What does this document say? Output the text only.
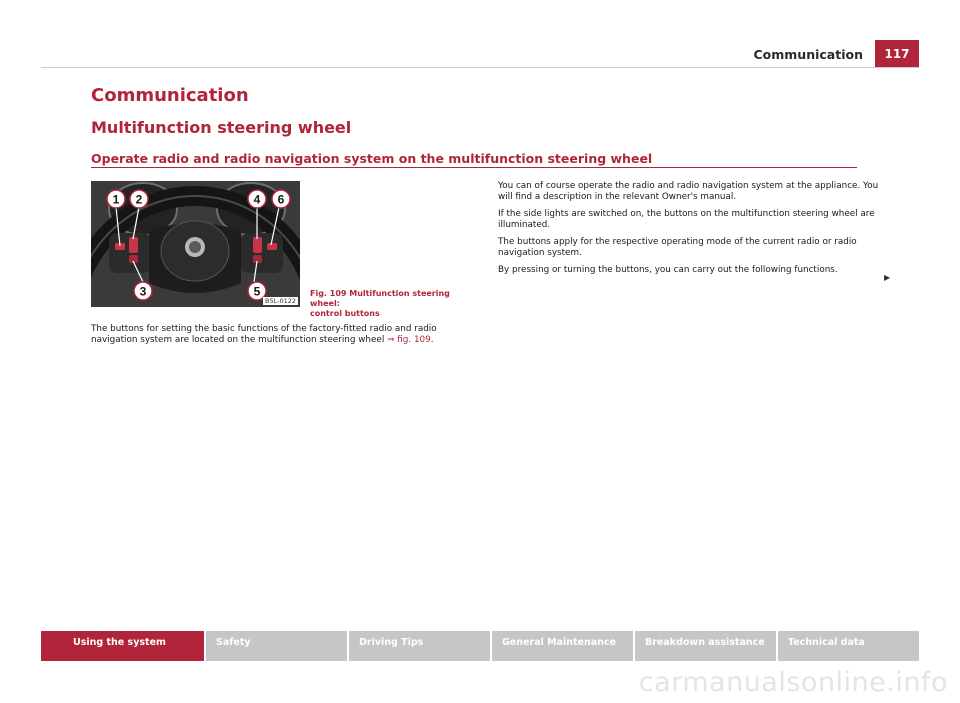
Communication	117
Communication
Multifunction steering wheel
Operate radio and radio navigation system on the multifunction steering wheel
1 2
3
4 6
5
B5L-0122
Fig. 109 Multifunction steering wheel:
control buttons
The buttons for setting the basic functions of the factory-fitted radio and radio navigation system are located on the multifunction steering wheel ⇒ fig. 109.

You can of course operate the radio and radio navigation system at the appliance. You will find a description in the relevant Owner's manual.

If the side lights are switched on, the buttons on the multifunction steering wheel are illuminated.

The buttons apply for the respective operating mode of the current radio or radio navigation system.

By pressing or turning the buttons, you can carry out the following functions.

▶
Using the system	Safety	Driving Tips	General Maintenance	Breakdown assistance	Technical data
carmanualsonline.info
